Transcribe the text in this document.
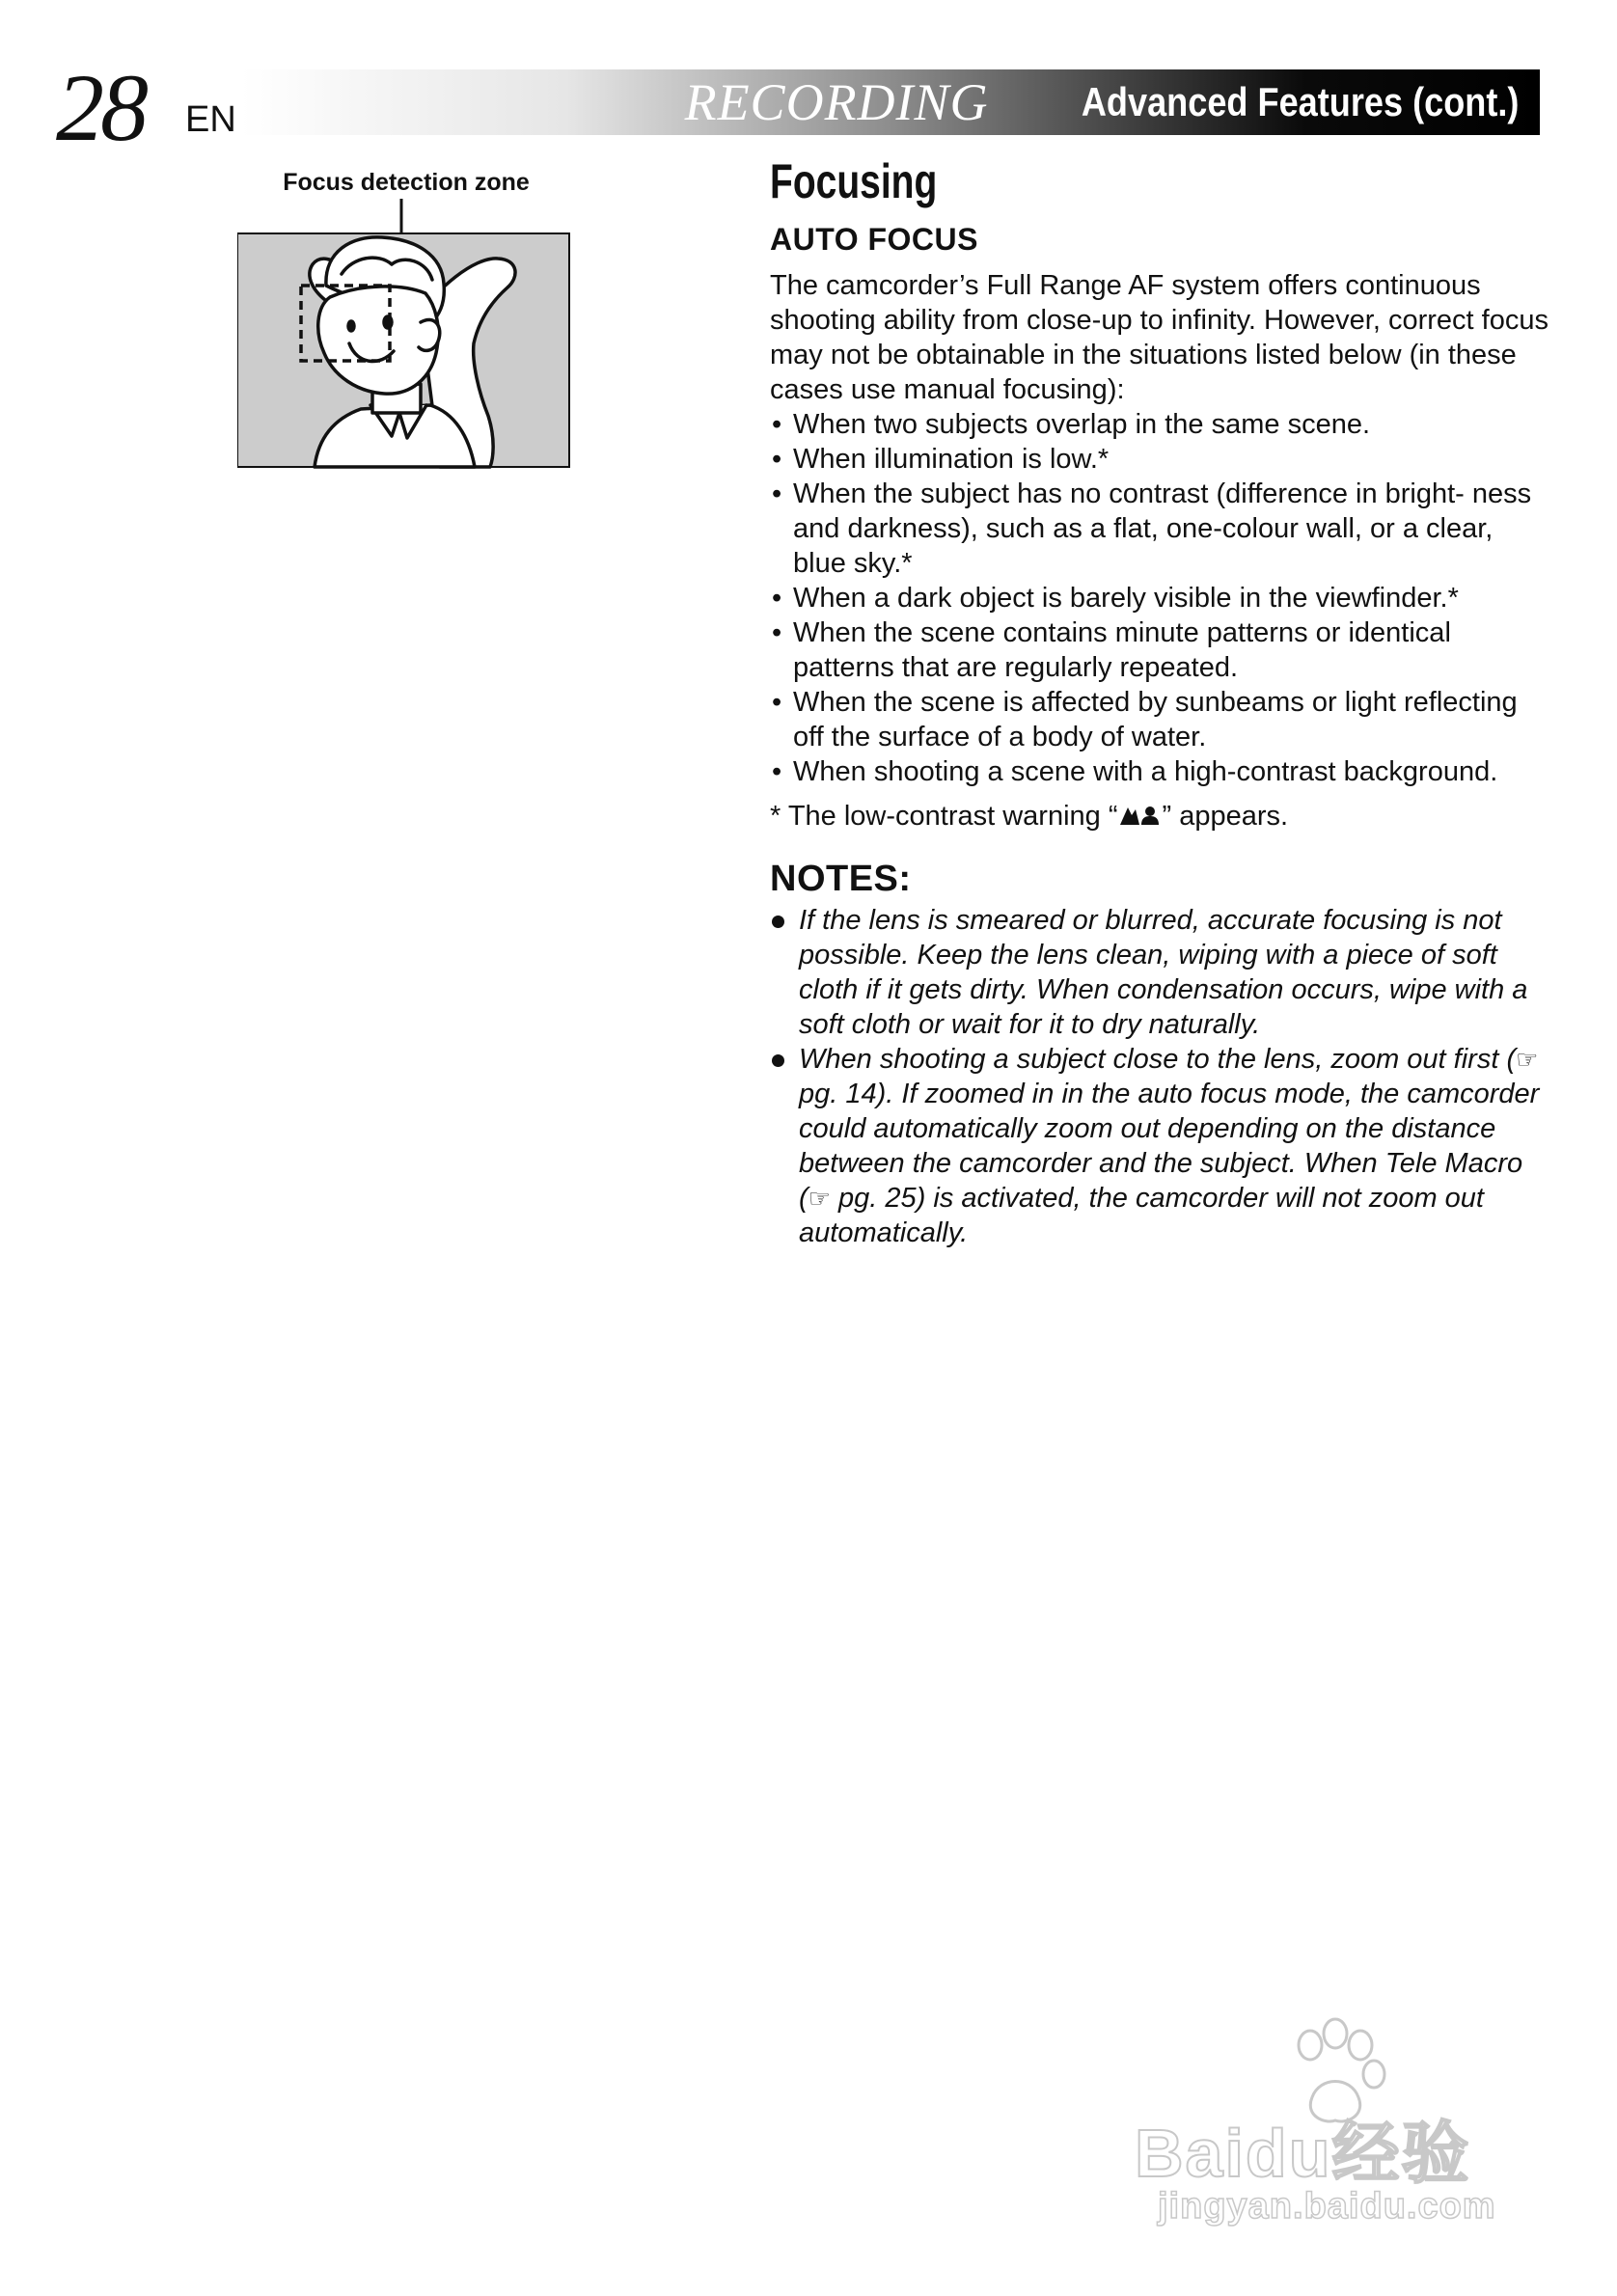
28 EN	RECORDING Advanced Features (cont.)
Focus detection zone	Focusing
AUTO FOCUS

The camcorder’s Full Range AF system offers continuous shooting ability from close-up to infinity. However, correct focus may not be obtainable in the situations listed below (in these cases use manual focusing):

• When two subjects overlap in the same scene.
• When illumination is low.*
• When the subject has no contrast (difference in bright- ness and darkness), such as a flat, one-colour wall, or a clear, blue sky.*
• When a dark object is barely visible in the viewfinder.*
• When the scene contains minute patterns or identical patterns that are regularly repeated.
• When the scene is affected by sunbeams or light reflecting off the surface of a body of water.
• When shooting a scene with a high-contrast background.

* The low-contrast warning “ ” appears.

NOTES:
If the lens is smeared or blurred, accurate focusing is not possible. Keep the lens clean, wiping with a piece of soft cloth if it gets dirty. When condensation occurs, wipe with a soft cloth or wait for it to dry naturally.
When shooting a subject close to the lens, zoom out first (☞ pg. 14). If zoomed in in the auto focus mode, the camcorder could automatically zoom out depending on the distance between the camcorder and the subject. When Tele Macro (☞ pg. 25) is activated, the camcorder will not zoom out automatically.
Baidu经验
jingyan.baidu.com
